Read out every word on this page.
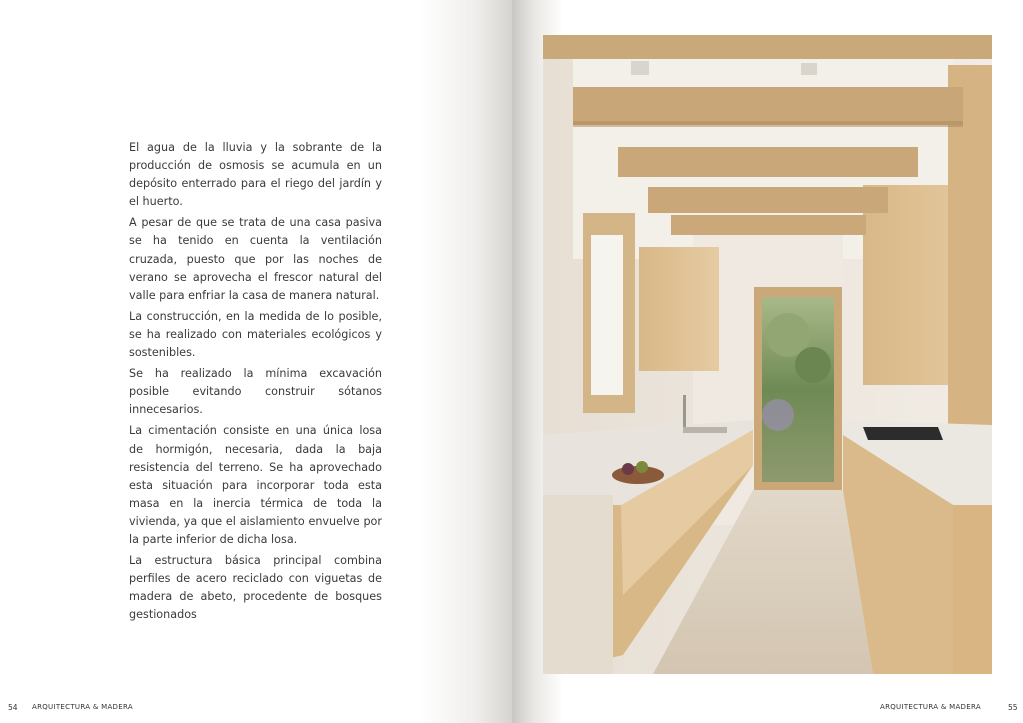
El agua de la lluvia y la sobrante de la producción de osmosis se acumula en un depósito enterrado para el riego del jardín y el huerto.

A pesar de que se trata de una casa pasiva se ha tenido en cuenta la ventilación cruzada, puesto que por las noches de verano se aprovecha el frescor natural del valle para enfriar la casa de manera natural.

La construcción, en la medida de lo posible, se ha realizado con materiales ecológicos y sostenibles.

Se ha realizado la mínima excavación posible evitando construir sótanos innecesarios.

La cimentación consiste en una única losa de hormigón, necesaria, dada la baja resistencia del terreno. Se ha aprovechado esta situación para incorporar toda esta masa en la inercia térmica de toda la vivienda, ya que el aislamiento envuelve por la parte inferior de dicha losa.

La estructura básica principal combina perfiles de acero reciclado con viguetas de madera de abeto, procedente de bosques gestionados

54 ARQUITECTURA & MADERA	ARQUITECTURA & MADERA	55
